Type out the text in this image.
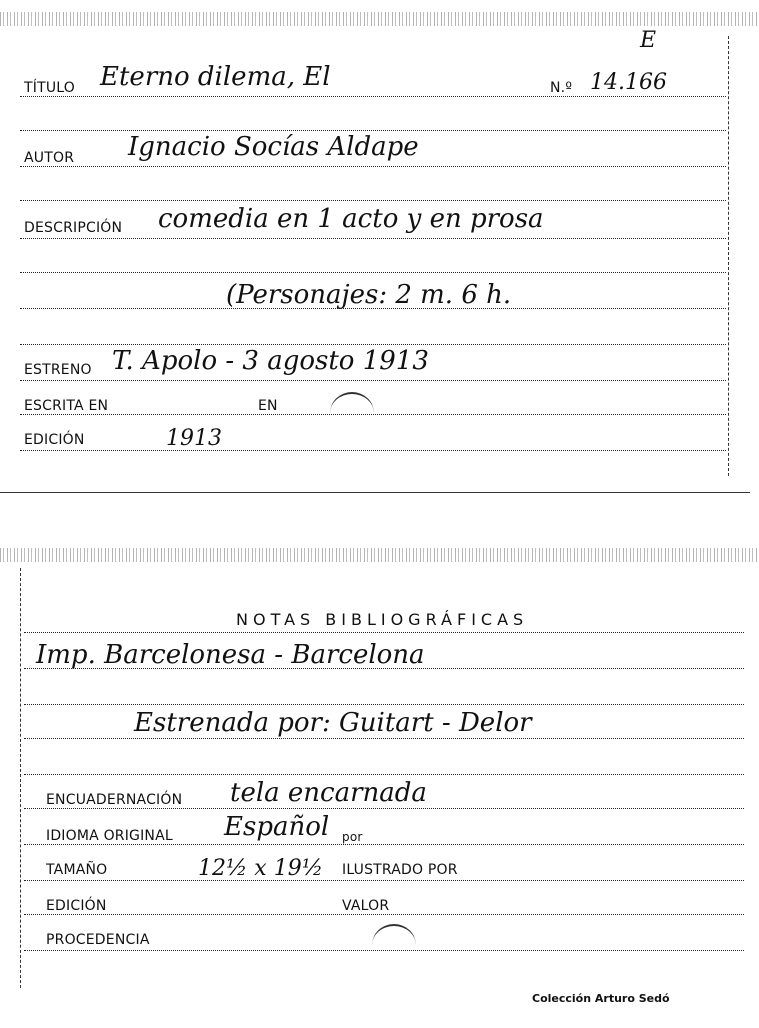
E
TÍTULO Eterno dilema, El	N.º 14.166
AUTOR Ignacio Socías Aldape
DESCRIPCIÓN comedia en 1 acto y en prosa
(Personajes: 2 m. 6 h.
ESTRENO T. Apolo - 3 agosto 1913
ESCRITA EN	EN
EDICIÓN	1913
NOTAS BIBLIOGRÁFICAS
Imp. Barcelonesa - Barcelona
Estrenada por: Guitart - Delor
ENCUADERNACIÓN tela encarnada
IDIOMA ORIGINAL Español por
TAMAÑO	12½ x 19½ ILUSTRADO POR
EDICIÓN	VALOR
PROCEDENCIA
Colección Arturo Sedó
